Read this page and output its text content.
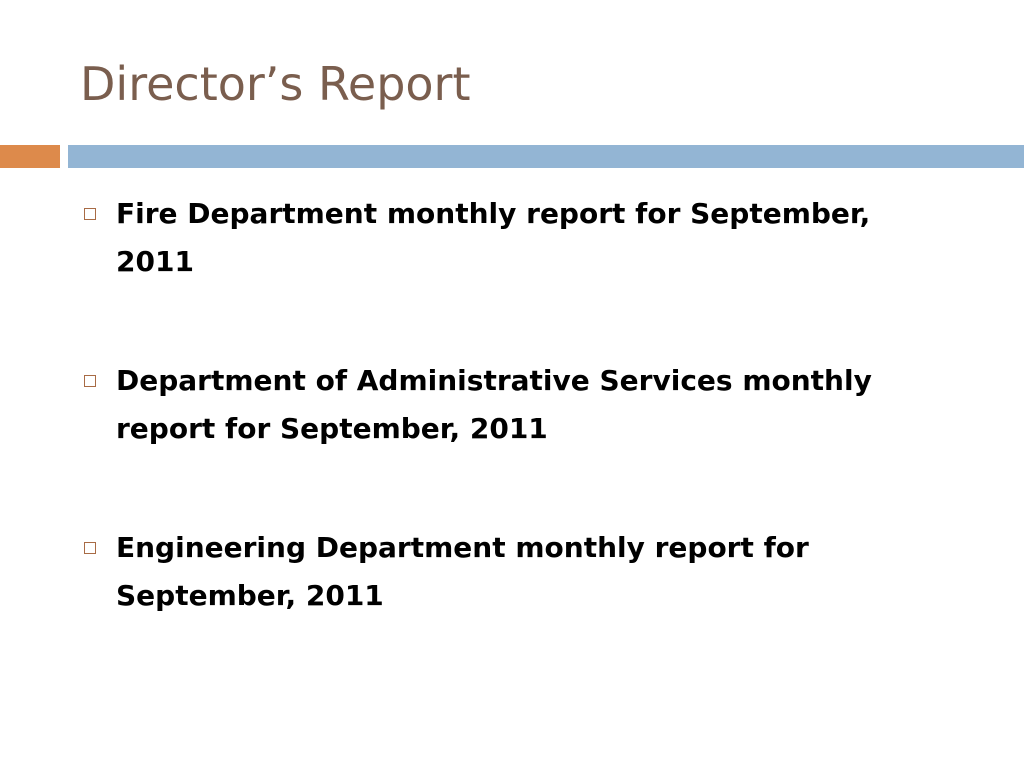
Director’s Report
Fire Department monthly report for September, 2011
Department of Administrative Services monthly report for September, 2011
Engineering Department monthly report for September, 2011
